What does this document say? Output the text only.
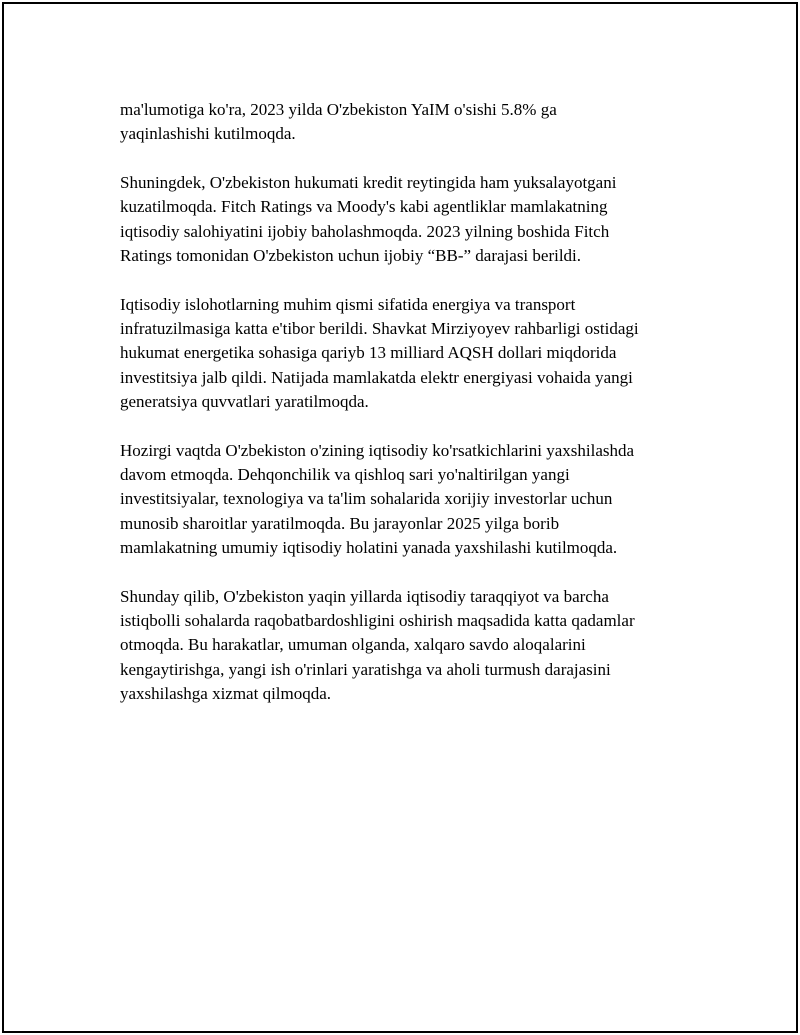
ma'lumotiga ko'ra, 2023 yilda O'zbekiston YaIM o'sishi 5.8% ga
yaqinlashishi kutilmoqda.

Shuningdek, O'zbekiston hukumati kredit reytingida ham yuksalayotgani
kuzatilmoqda. Fitch Ratings va Moody's kabi agentliklar mamlakatning
iqtisodiy salohiyatini ijobiy baholashmoqda. 2023 yilning boshida Fitch
Ratings tomonidan O'zbekiston uchun ijobiy “BB-” darajasi berildi.

Iqtisodiy islohotlarning muhim qismi sifatida energiya va transport
infratuzilmasiga katta e'tibor berildi. Shavkat Mirziyoyev rahbarligi ostidagi
hukumat energetika sohasiga qariyb 13 milliard AQSH dollari miqdorida
investitsiya jalb qildi. Natijada mamlakatda elektr energiyasi vohaida yangi
generatsiya quvvatlari yaratilmoqda.

Hozirgi vaqtda O'zbekiston o'zining iqtisodiy ko'rsatkichlarini yaxshilashda
davom etmoqda. Dehqonchilik va qishloq sari yo'naltirilgan yangi
investitsiyalar, texnologiya va ta'lim sohalarida xorijiy investorlar uchun
munosib sharoitlar yaratilmoqda. Bu jarayonlar 2025 yilga borib
mamlakatning umumiy iqtisodiy holatini yanada yaxshilashi kutilmoqda.

Shunday qilib, O'zbekiston yaqin yillarda iqtisodiy taraqqiyot va barcha
istiqbolli sohalarda raqobatbardoshligini oshirish maqsadida katta qadamlar
otmoqda. Bu harakatlar, umuman olganda, xalqaro savdo aloqalarini
kengaytirishga, yangi ish o'rinlari yaratishga va aholi turmush darajasini
yaxshilashga xizmat qilmoqda.
